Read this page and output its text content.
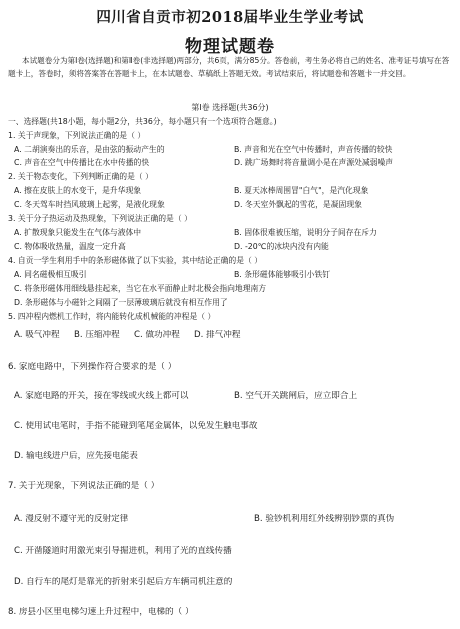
四川省自贡市初2018届毕业生学业考试
物理试题卷
本试题卷分为第Ⅰ卷(选择题)和第Ⅱ卷(非选择题)两部分，共6页，满分85分。答卷前，考生务必将自己的姓名、准考证号填写在答题卡上，答卷时，须将答案答在答题卡上，在本试题卷、草稿纸上答题无效。考试结束后，将试题卷和答题卡一并交回。
第Ⅰ卷 选择题(共36分)
一、选择题(共18小题，每小题2分，共36分，每小题只有一个选项符合题意。)
1. 关于声现象，下列说法正确的是（ ）
A. 二胡演奏出的乐音，是由弦的振动产生的	B. 声音和光在空气中传播时，声音传播的较快
C. 声音在空气中传播比在水中传播的快	D. 跳广场舞时将音量调小是在声源处减弱噪声
2. 关于物态变化，下列判断正确的是（ ）
A. 擦在皮肤上的水变干，是升华现象	B. 夏天冰棒周围冒"白气"，是汽化现象
C. 冬天驾车时挡风玻璃上起雾，是液化现象	D. 冬天室外飘起的雪花，是凝固现象
3. 关于分子热运动及热现象，下列说法正确的是（ ）
A. 扩散现象只能发生在气体与液体中	B. 固体很难被压缩，说明分子间存在斥力
C. 物体吸收热量，温度一定升高	D. -20℃的冰块内没有内能
4. 自贡一学生利用手中的条形磁体做了以下实验，其中结论正确的是（ ）
A. 同名磁极相互吸引	B. 条形磁体能够吸引小铁钉
C. 将条形磁体用细线悬挂起来，当它在水平面静止时北极会指向地理南方
D. 条形磁体与小磁针之间隔了一层薄玻璃后就没有相互作用了
5. 四冲程内燃机工作时，将内能转化成机械能的冲程是（ ）
A. 吸气冲程	B. 压缩冲程	C. 做功冲程	D. 排气冲程
6. 家庭电路中，下列操作符合要求的是（ ）
A. 家庭电路的开关，接在零线或火线上都可以	B. 空气开关跳闸后，应立即合上
C. 使用试电笔时，手指不能碰到笔尾金属体，以免发生触电事故
D. 输电线进户后，应先接电能表
7. 关于光现象，下列说法正确的是（ ）
A. 漫反射不遵守光的反射定律	B. 验钞机利用红外线辨别钞票的真伪
C. 开凿隧道时用激光束引导掘进机，利用了光的直线传播
D. 自行车的尾灯是靠光的折射来引起后方车辆司机注意的
8. 房县小区里电梯匀速上升过程中，电梯的（ ）
